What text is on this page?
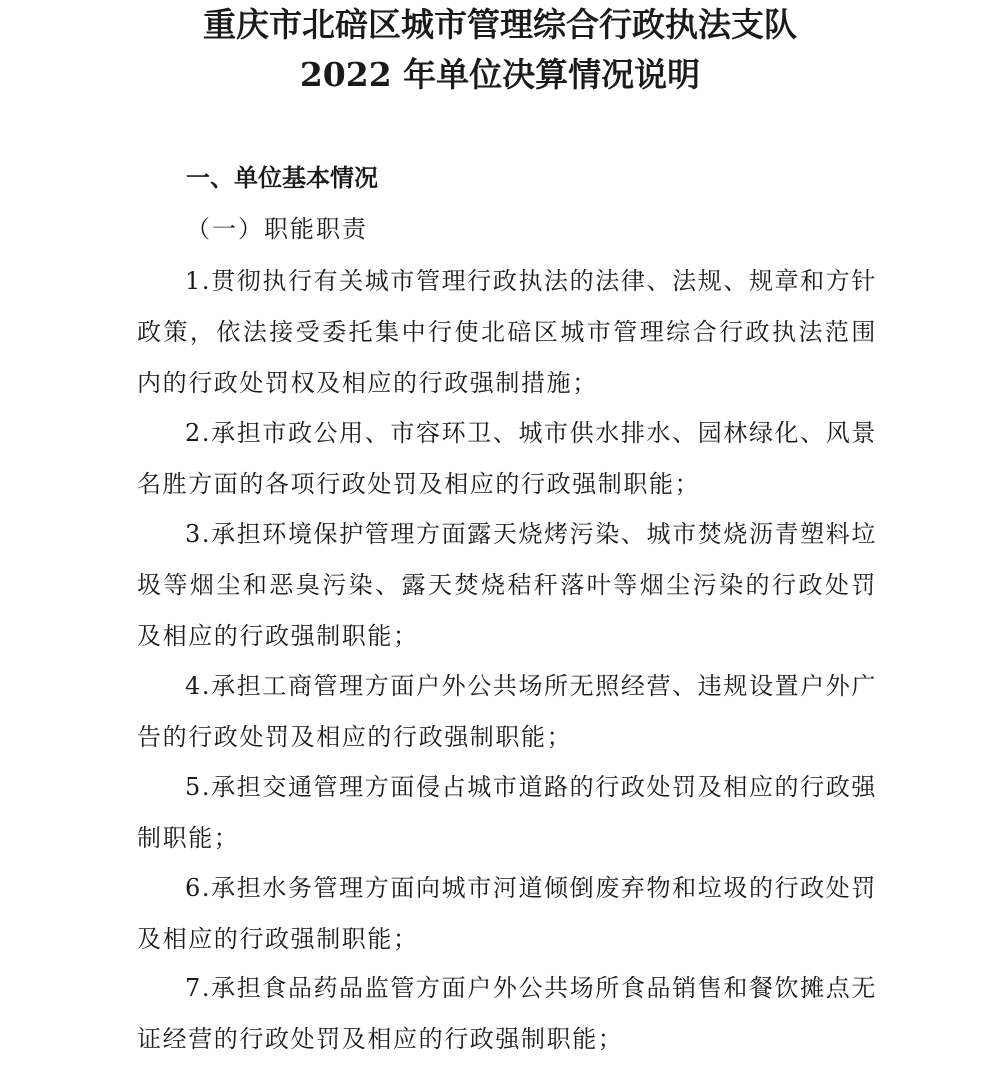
重庆市北碚区城市管理综合行政执法支队
2022 年单位决算情况说明
一、单位基本情况
（一）职能职责

1.贯彻执行有关城市管理行政执法的法律、法规、规章和方针政策，依法接受委托集中行使北碚区城市管理综合行政执法范围内的行政处罚权及相应的行政强制措施；

2.承担市政公用、市容环卫、城市供水排水、园林绿化、风景名胜方面的各项行政处罚及相应的行政强制职能；

3.承担环境保护管理方面露天烧烤污染、城市焚烧沥青塑料垃圾等烟尘和恶臭污染、露天焚烧秸秆落叶等烟尘污染的行政处罚及相应的行政强制职能；

4.承担工商管理方面户外公共场所无照经营、违规设置户外广告的行政处罚及相应的行政强制职能；

5.承担交通管理方面侵占城市道路的行政处罚及相应的行政强制职能；

6.承担水务管理方面向城市河道倾倒废弃物和垃圾的行政处罚及相应的行政强制职能；

7.承担食品药品监管方面户外公共场所食品销售和餐饮摊点无证经营的行政处罚及相应的行政强制职能；
